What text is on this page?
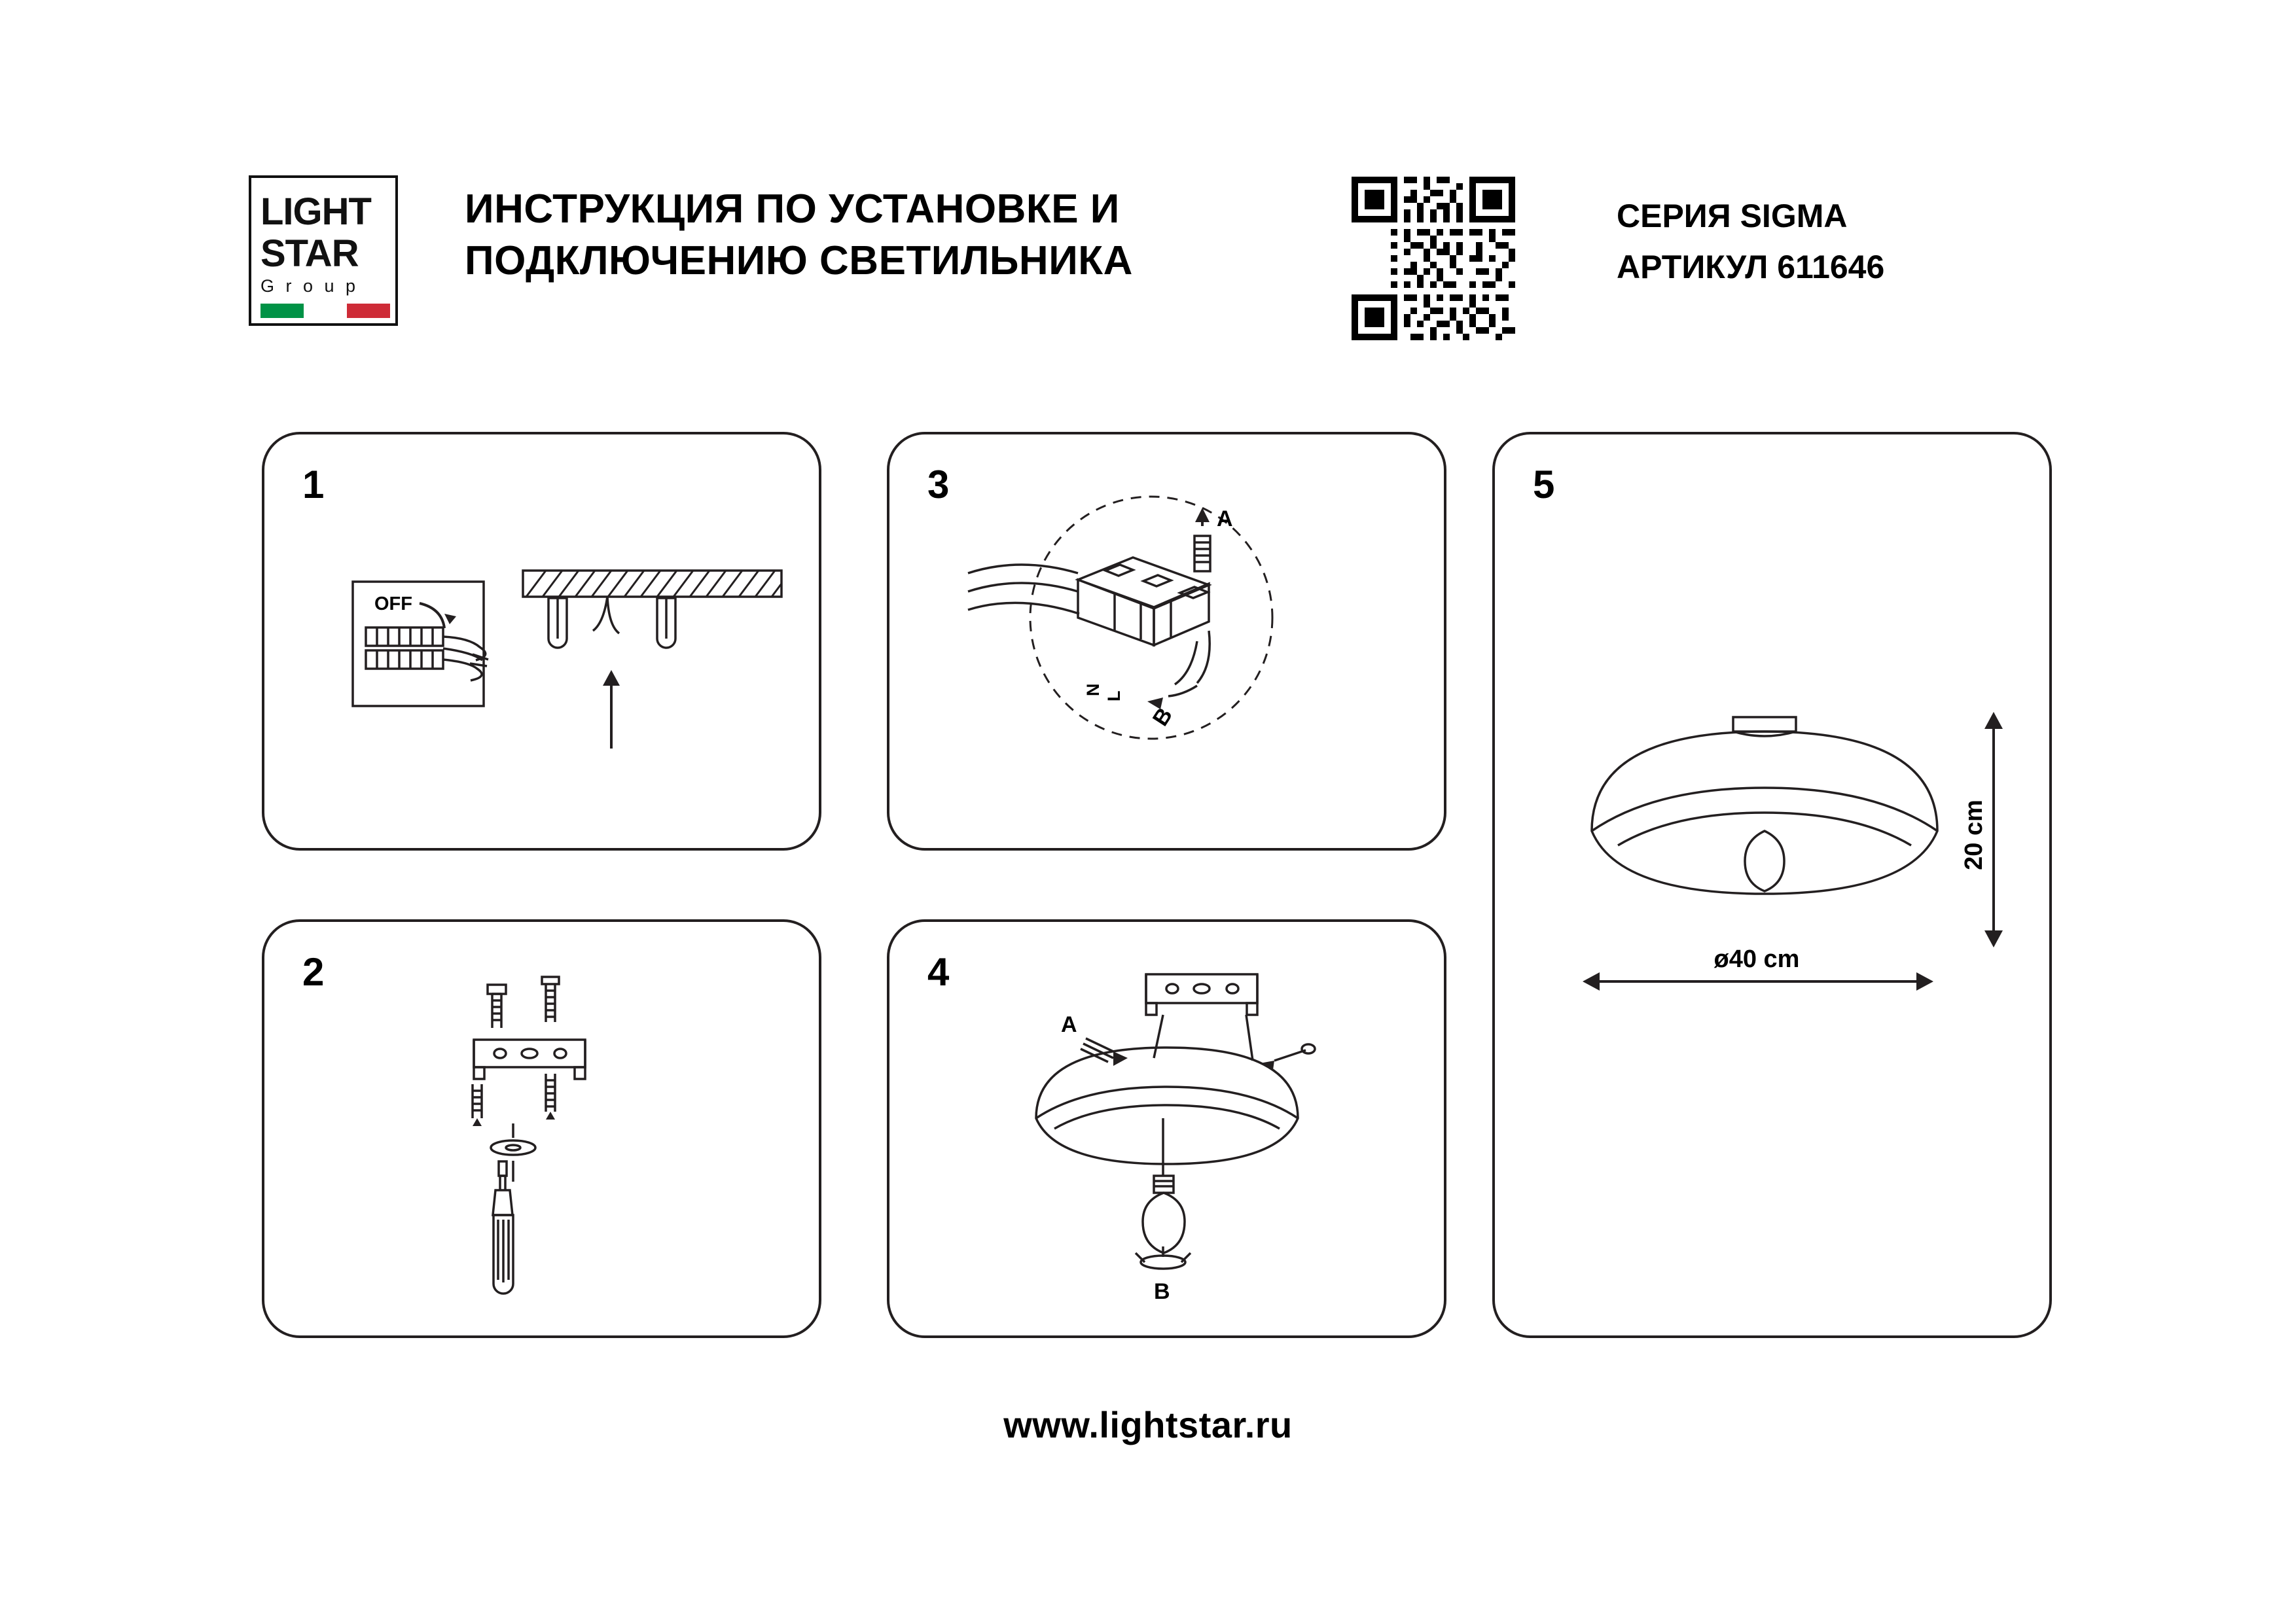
LIGHT
STAR
G r o u p
ИНСТРУКЦИЯ ПО УСТАНОВКЕ И ПОДКЛЮЧЕНИЮ СВЕТИЛЬНИКА
СЕРИЯ SIGMA
АРТИКУЛ 611646
1
OFF
2
3
A
B
L
N
4
A
B
5
20 cm
ø40 cm
www.lightstar.ru
